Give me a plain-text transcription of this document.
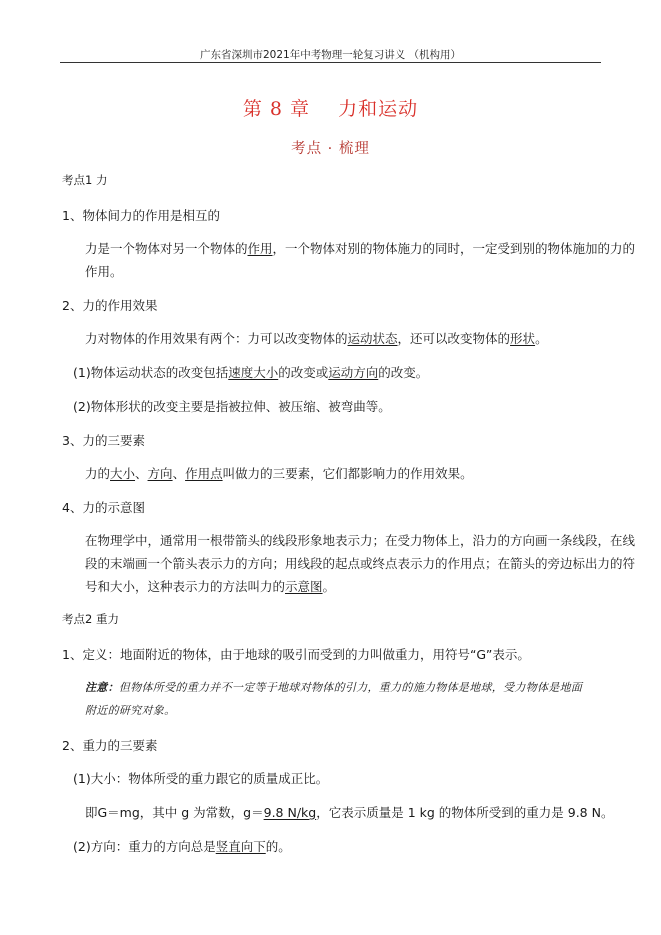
广东省深圳市2021年中考物理一轮复习讲义 （机构用）
第 8 章    力和运动
考点 · 梳理
考点1 力
1、物体间力的作用是相互的
力是一个物体对另一个物体的作用，一个物体对别的物体施力的同时，一定受到别的物体施加的力的
作用。
2、力的作用效果
力对物体的作用效果有两个：力可以改变物体的运动状态，还可以改变物体的形状。
(1)物体运动状态的改变包括速度大小的改变或运动方向的改变。
(2)物体形状的改变主要是指被拉伸、被压缩、被弯曲等。
3、力的三要素
力的大小、方向、作用点叫做力的三要素，它们都影响力的作用效果。
4、力的示意图
在物理学中，通常用一根带箭头的线段形象地表示力；在受力物体上，沿力的方向画一条线段，在线
段的末端画一个箭头表示力的方向；用线段的起点或终点表示力的作用点；在箭头的旁边标出力的符
号和大小，这种表示力的方法叫力的示意图。
考点2 重力
1、定义：地面附近的物体，由于地球的吸引而受到的力叫做重力，用符号“G”表示。
注意：但物体所受的重力并不一定等于地球对物体的引力，重力的施力物体是地球，受力物体是地面
附近的研究对象。
2、重力的三要素
(1)大小：物体所受的重力跟它的质量成正比。
即G＝mg，其中 g 为常数，g＝9.8 N/kg，它表示质量是 1 kg 的物体所受到的重力是 9.8 N。
(2)方向：重力的方向总是竖直向下的。
